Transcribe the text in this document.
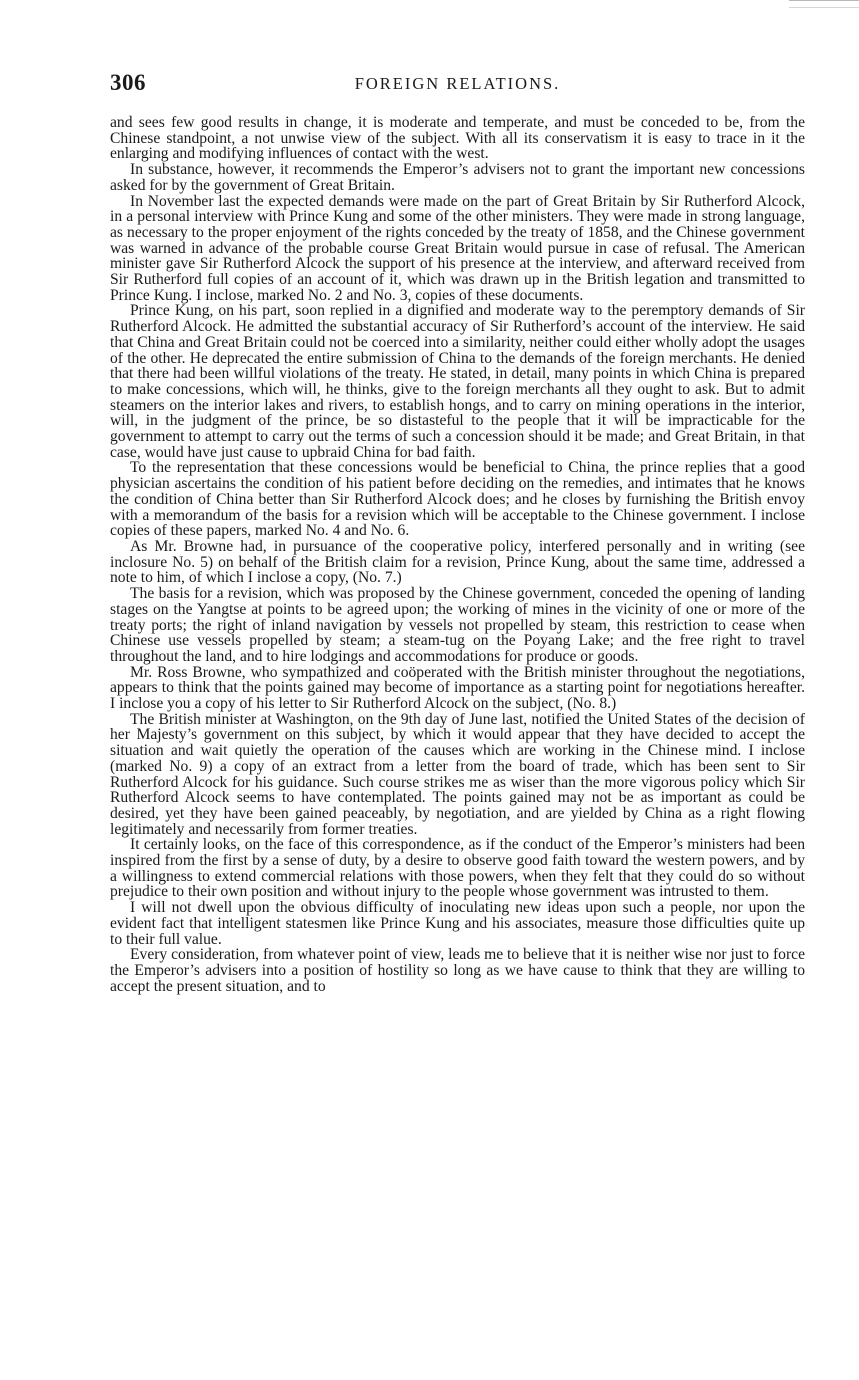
306	FOREIGN RELATIONS.

and sees few good results in change, it is moderate and temperate, and must be conceded to be, from the Chinese standpoint, a not unwise view of the subject. With all its conservatism it is easy to trace in it the enlarging and modifying influences of contact with the west.

In substance, however, it recommends the Emperor’s advisers not to grant the important new concessions asked for by the government of Great Britain.

In November last the expected demands were made on the part of Great Britain by Sir Rutherford Alcock, in a personal interview with Prince Kung and some of the other ministers. They were made in strong language, as necessary to the proper enjoyment of the rights conceded by the treaty of 1858, and the Chinese government was warned in advance of the probable course Great Britain would pursue in case of refusal. The American minister gave Sir Rutherford Alcock the support of his presence at the interview, and afterward received from Sir Rutherford full copies of an account of it, which was drawn up in the British legation and transmitted to Prince Kung. I inclose, marked No. 2 and No. 3, copies of these documents.

Prince Kung, on his part, soon replied in a dignified and moderate way to the peremptory demands of Sir Rutherford Alcock. He admitted the substantial accuracy of Sir Rutherford’s account of the interview. He said that China and Great Britain could not be coerced into a similarity, neither could either wholly adopt the usages of the other. He deprecated the entire submission of China to the demands of the foreign merchants. He denied that there had been willful violations of the treaty. He stated, in detail, many points in which China is prepared to make concessions, which will, he thinks, give to the foreign merchants all they ought to ask. But to admit steamers on the interior lakes and rivers, to establish hongs, and to carry on mining operations in the interior, will, in the judgment of the prince, be so distasteful to the people that it will be impracticable for the government to attempt to carry out the terms of such a concession should it be made; and Great Britain, in that case, would have just cause to upbraid China for bad faith.

To the representation that these concessions would be beneficial to China, the prince replies that a good physician ascertains the condition of his patient before deciding on the remedies, and intimates that he knows the condition of China better than Sir Rutherford Alcock does; and he closes by furnishing the British envoy with a memorandum of the basis for a revision which will be acceptable to the Chinese government. I inclose copies of these papers, marked No. 4 and No. 6.

As Mr. Browne had, in pursuance of the cooperative policy, interfered personally and in writing (see inclosure No. 5) on behalf of the British claim for a revision, Prince Kung, about the same time, addressed a note to him, of which I inclose a copy, (No. 7.)

The basis for a revision, which was proposed by the Chinese government, conceded the opening of landing stages on the Yangtse at points to be agreed upon; the working of mines in the vicinity of one or more of the treaty ports; the right of inland navigation by vessels not propelled by steam, this restriction to cease when Chinese use vessels propelled by steam; a steam-tug on the Poyang Lake; and the free right to travel throughout the land, and to hire lodgings and accommodations for produce or goods.

Mr. Ross Browne, who sympathized and coöperated with the British minister throughout the negotiations, appears to think that the points gained may become of importance as a starting point for negotiations hereafter. I inclose you a copy of his letter to Sir Rutherford Alcock on the subject, (No. 8.)

The British minister at Washington, on the 9th day of June last, notified the United States of the decision of her Majesty’s government on this subject, by which it would appear that they have decided to accept the situation and wait quietly the operation of the causes which are working in the Chinese mind. I inclose (marked No. 9) a copy of an extract from a letter from the board of trade, which has been sent to Sir Rutherford Alcock for his guidance. Such course strikes me as wiser than the more vigorous policy which Sir Rutherford Alcock seems to have contemplated. The points gained may not be as important as could be desired, yet they have been gained peaceably, by negotiation, and are yielded by China as a right flowing legitimately and necessarily from former treaties.

It certainly looks, on the face of this correspondence, as if the conduct of the Emperor’s ministers had been inspired from the first by a sense of duty, by a desire to observe good faith toward the western powers, and by a willingness to extend commercial relations with those powers, when they felt that they could do so without prejudice to their own position and without injury to the people whose government was intrusted to them.

I will not dwell upon the obvious difficulty of inoculating new ideas upon such a people, nor upon the evident fact that intelligent statesmen like Prince Kung and his associates, measure those difficulties quite up to their full value.

Every consideration, from whatever point of view, leads me to believe that it is neither wise nor just to force the Emperor’s advisers into a position of hostility so long as we have cause to think that they are willing to accept the present situation, and to
